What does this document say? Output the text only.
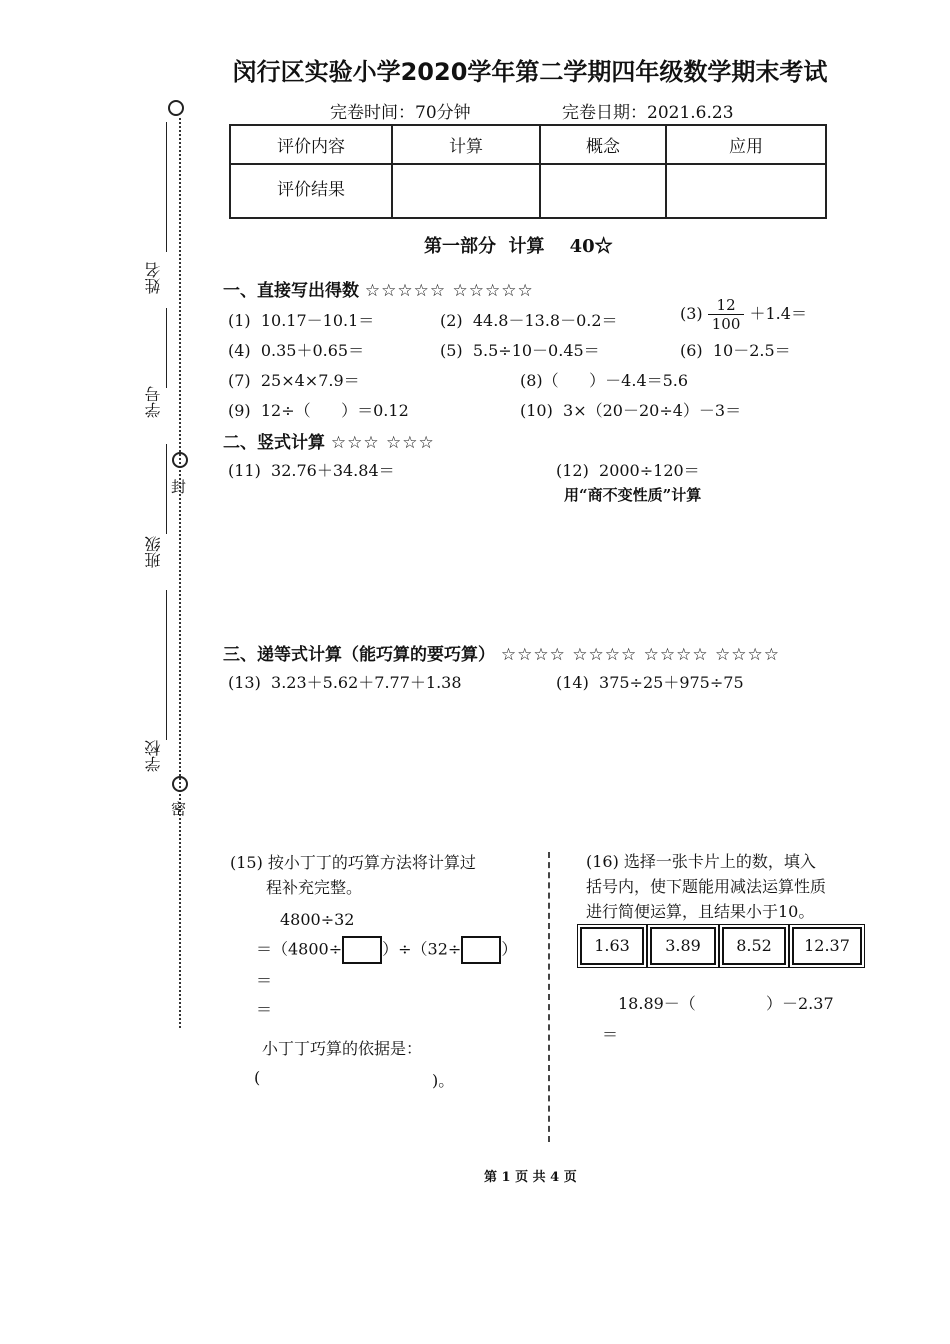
封
密
姓名
学号
班级
学校
闵行区实验小学2020学年第二学期四年级数学期末考试
完卷时间：70分钟	完卷日期：2021.6.23
评价内容	计算	概念	应用
评价结果			
第一部分  计算    40☆
一、直接写出得数 ☆☆☆☆☆ ☆☆☆☆☆
(1)  10.17－10.1＝	(2)  44.8－13.8－0.2＝	$(3) \frac{12}{100} +1.4=$
(4)  0.35＋0.65＝	(5)  5.5÷10－0.45＝	(6)  10－2.5＝
(7)  25×4×7.9＝	(8)（      ）－4.4＝5.6
(9)  12÷（      ）＝0.12	(10)  3×（20－20÷4）－3＝
二、竖式计算 ☆☆☆ ☆☆☆
(11)  32.76＋34.84＝	(12)  2000÷120＝
用“商不变性质”计算
三、递等式计算（能巧算的要巧算） ☆☆☆☆ ☆☆☆☆ ☆☆☆☆ ☆☆☆☆
(13)  3.23＋5.62＋7.77＋1.38	(14)  375÷25＋975÷75
(15) 按小丁丁的巧算方法将计算过
程补充完整。
4800÷32
＝（4800÷	）÷（32÷	）
＝
＝
小丁丁巧算的依据是：
(	)。
(16) 选择一张卡片上的数，填入
括号内，使下题能用减法运算性质
进行简便运算，且结果小于10。
1.63	3.89	8.52	12.37
18.89－（	）－2.37
＝
第 1 页 共 4 页
